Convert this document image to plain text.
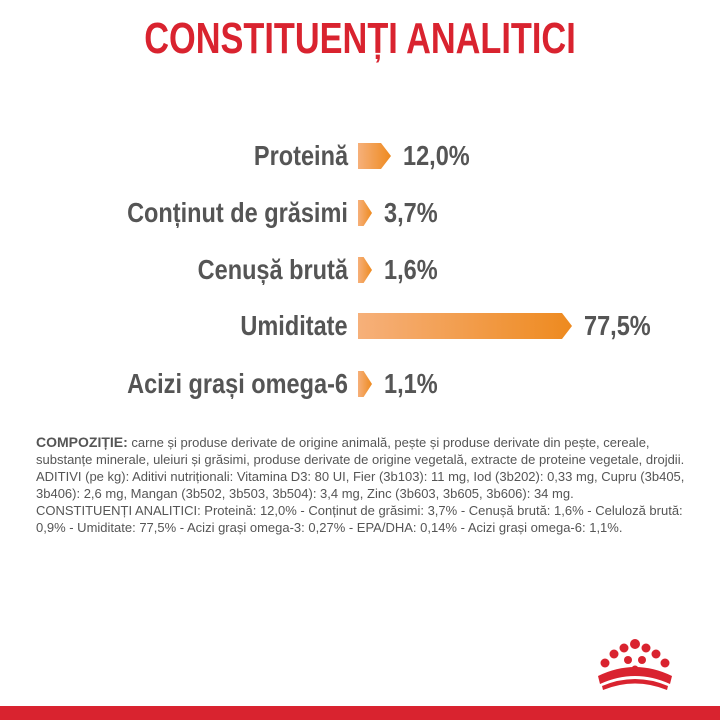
CONSTITUENȚI ANALITICI
Proteină 12,0%
Conținut de grăsimi 3,7%
Cenușă brută 1,6%
Umiditate	77,5%
Acizi grași omega-6 1,1%

COMPOZIȚIE: carne și produse derivate de origine animală, pește și produse derivate din pește, cereale, substanțe minerale, uleiuri și grăsimi, produse derivate de origine vegetală, extracte de proteine vegetale, drojdii.

ADITIVI (pe kg): Aditivi nutriționali: Vitamina D3: 80 UI, Fier (3b103): 11 mg, Iod (3b202): 0,33 mg, Cupru (3b405, 3b406): 2,6 mg, Mangan (3b502, 3b503, 3b504): 3,4 mg, Zinc (3b603, 3b605, 3b606): 34 mg.

CONSTITUENȚI ANALITICI: Proteină: 12,0% - Conținut de grăsimi: 3,7% - Cenușă brută: 1,6% - Celuloză brută: 0,9% - Umiditate: 77,5% - Acizi grași omega-3: 0,27% - EPA/DHA: 0,14% - Acizi grași omega-6: 1,1%.
